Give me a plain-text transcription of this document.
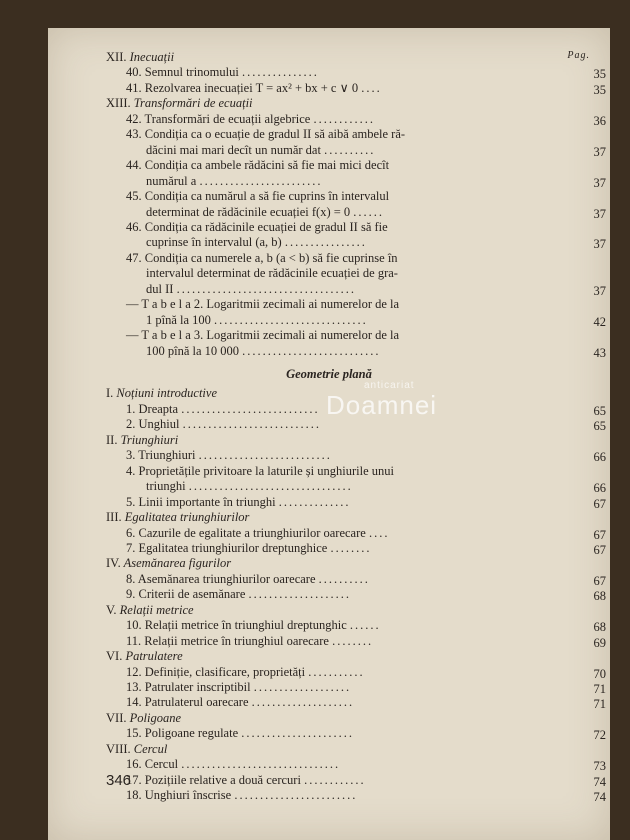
Pag.
XII. Inecuații
40. Semnul trinomului ...............	35
41. Rezolvarea inecuației T = ax² + bx + c ∨ 0 ....	35
XIII. Transformări de ecuații
42. Transformări de ecuații algebrice ............	36
43. Condiția ca o ecuație de gradul II să aibă ambele ră-
dăcini mai mari decît un număr dat ..........	37
44. Condiția ca ambele rădăcini să fie mai mici decît
numărul a ........................	37
45. Condiția ca numărul a să fie cuprins în intervalul
determinat de rădăcinile ecuației f(x) = 0 ......	37
46. Condiția ca rădăcinile ecuației de gradul II să fie
cuprinse în intervalul (a, b) ................	37
47. Condiția ca numerele a, b (a < b) să fie cuprinse în
intervalul determinat de rădăcinile ecuației de gra-
dul II ...................................	37
— T a b e l a 2. Logaritmii zecimali ai numerelor de la
1 pînă la 100 ..............................	42
— T a b e l a 3. Logaritmii zecimali ai numerelor de la
100 pînă la 10 000 ...........................	43
Geometrie plană
I. Noțiuni introductive
1. Dreapta ...........................	65
2. Unghiul ...........................	65
II. Triunghiuri
3. Triunghiuri ..........................	66
4. Proprietățile privitoare la laturile și unghiurile unui
triunghi ................................	66
5. Linii importante în triunghi ..............	67
III. Egalitatea triunghiurilor
6. Cazurile de egalitate a triunghiurilor oarecare ....	67
7. Egalitatea triunghiurilor dreptunghice ........	67
IV. Asemănarea figurilor
8. Asemănarea triunghiurilor oarecare ..........	67
9. Criterii de asemănare ....................	68
V. Relații metrice
10. Relații metrice în triunghiul dreptunghic ......	68
11. Relații metrice în triunghiul oarecare ........	69
VI. Patrulatere
12. Definiție, clasificare, proprietăți ...........	70
13. Patrulater inscriptibil ...................	71
14. Patrulaterul oarecare ....................	71
VII. Poligoane
15. Poligoane regulate ......................	72
VIII. Cercul
16. Cercul ...............................	73
17. Pozițiile relative a două cercuri ............	74
18. Unghiuri înscrise ........................	74
anticariat
Doamnei
346
